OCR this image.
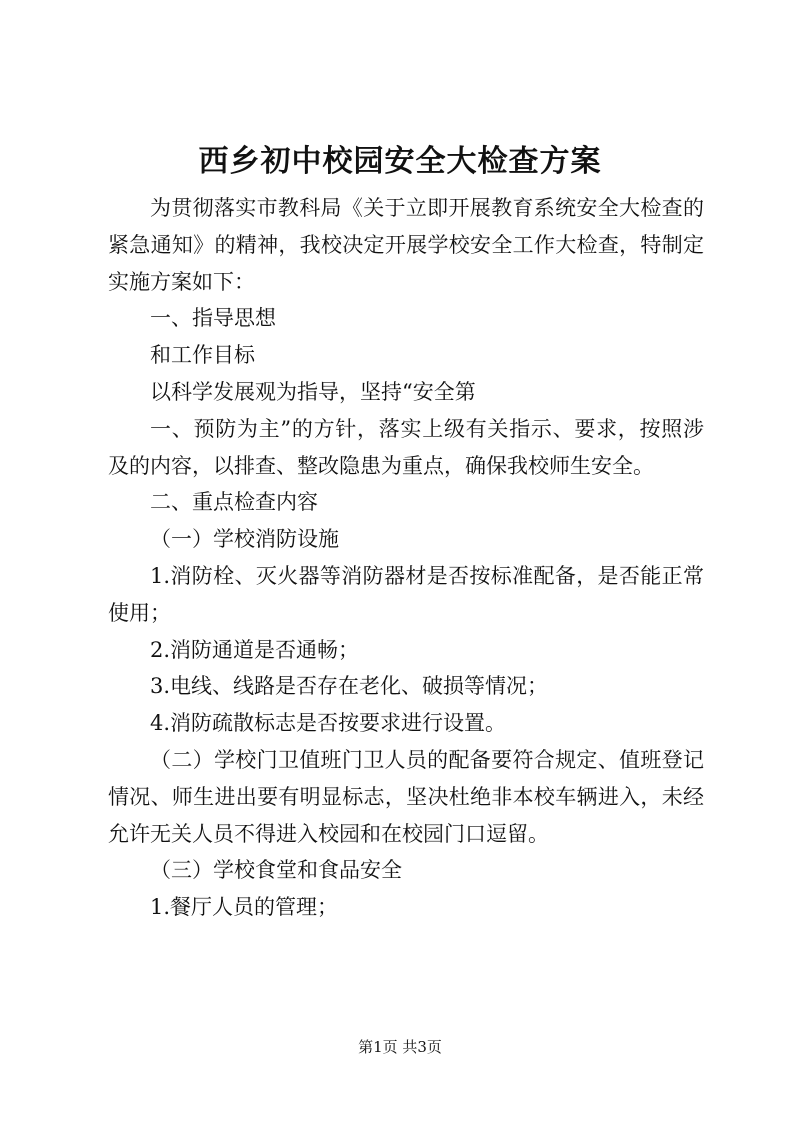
西乡初中校园安全大检查方案

为贯彻落实市教科局《关于立即开展教育系统安全大检查的紧急通知》的精神，我校决定开展学校安全工作大检查，特制定实施方案如下：

一、指导思想

和工作目标

以科学发展观为指导，坚持“安全第

一、预防为主”的方针，落实上级有关指示、要求，按照涉及的内容，以排查、整改隐患为重点，确保我校师生安全。

二、重点检查内容

（一）学校消防设施

1.消防栓、灭火器等消防器材是否按标准配备，是否能正常使用；

2.消防通道是否通畅；

3.电线、线路是否存在老化、破损等情况；

4.消防疏散标志是否按要求进行设置。

（二）学校门卫值班门卫人员的配备要符合规定、值班登记情况、师生进出要有明显标志，坚决杜绝非本校车辆进入，未经允许无关人员不得进入校园和在校园门口逗留。

（三）学校食堂和食品安全

1.餐厅人员的管理；

第1页 共3页
